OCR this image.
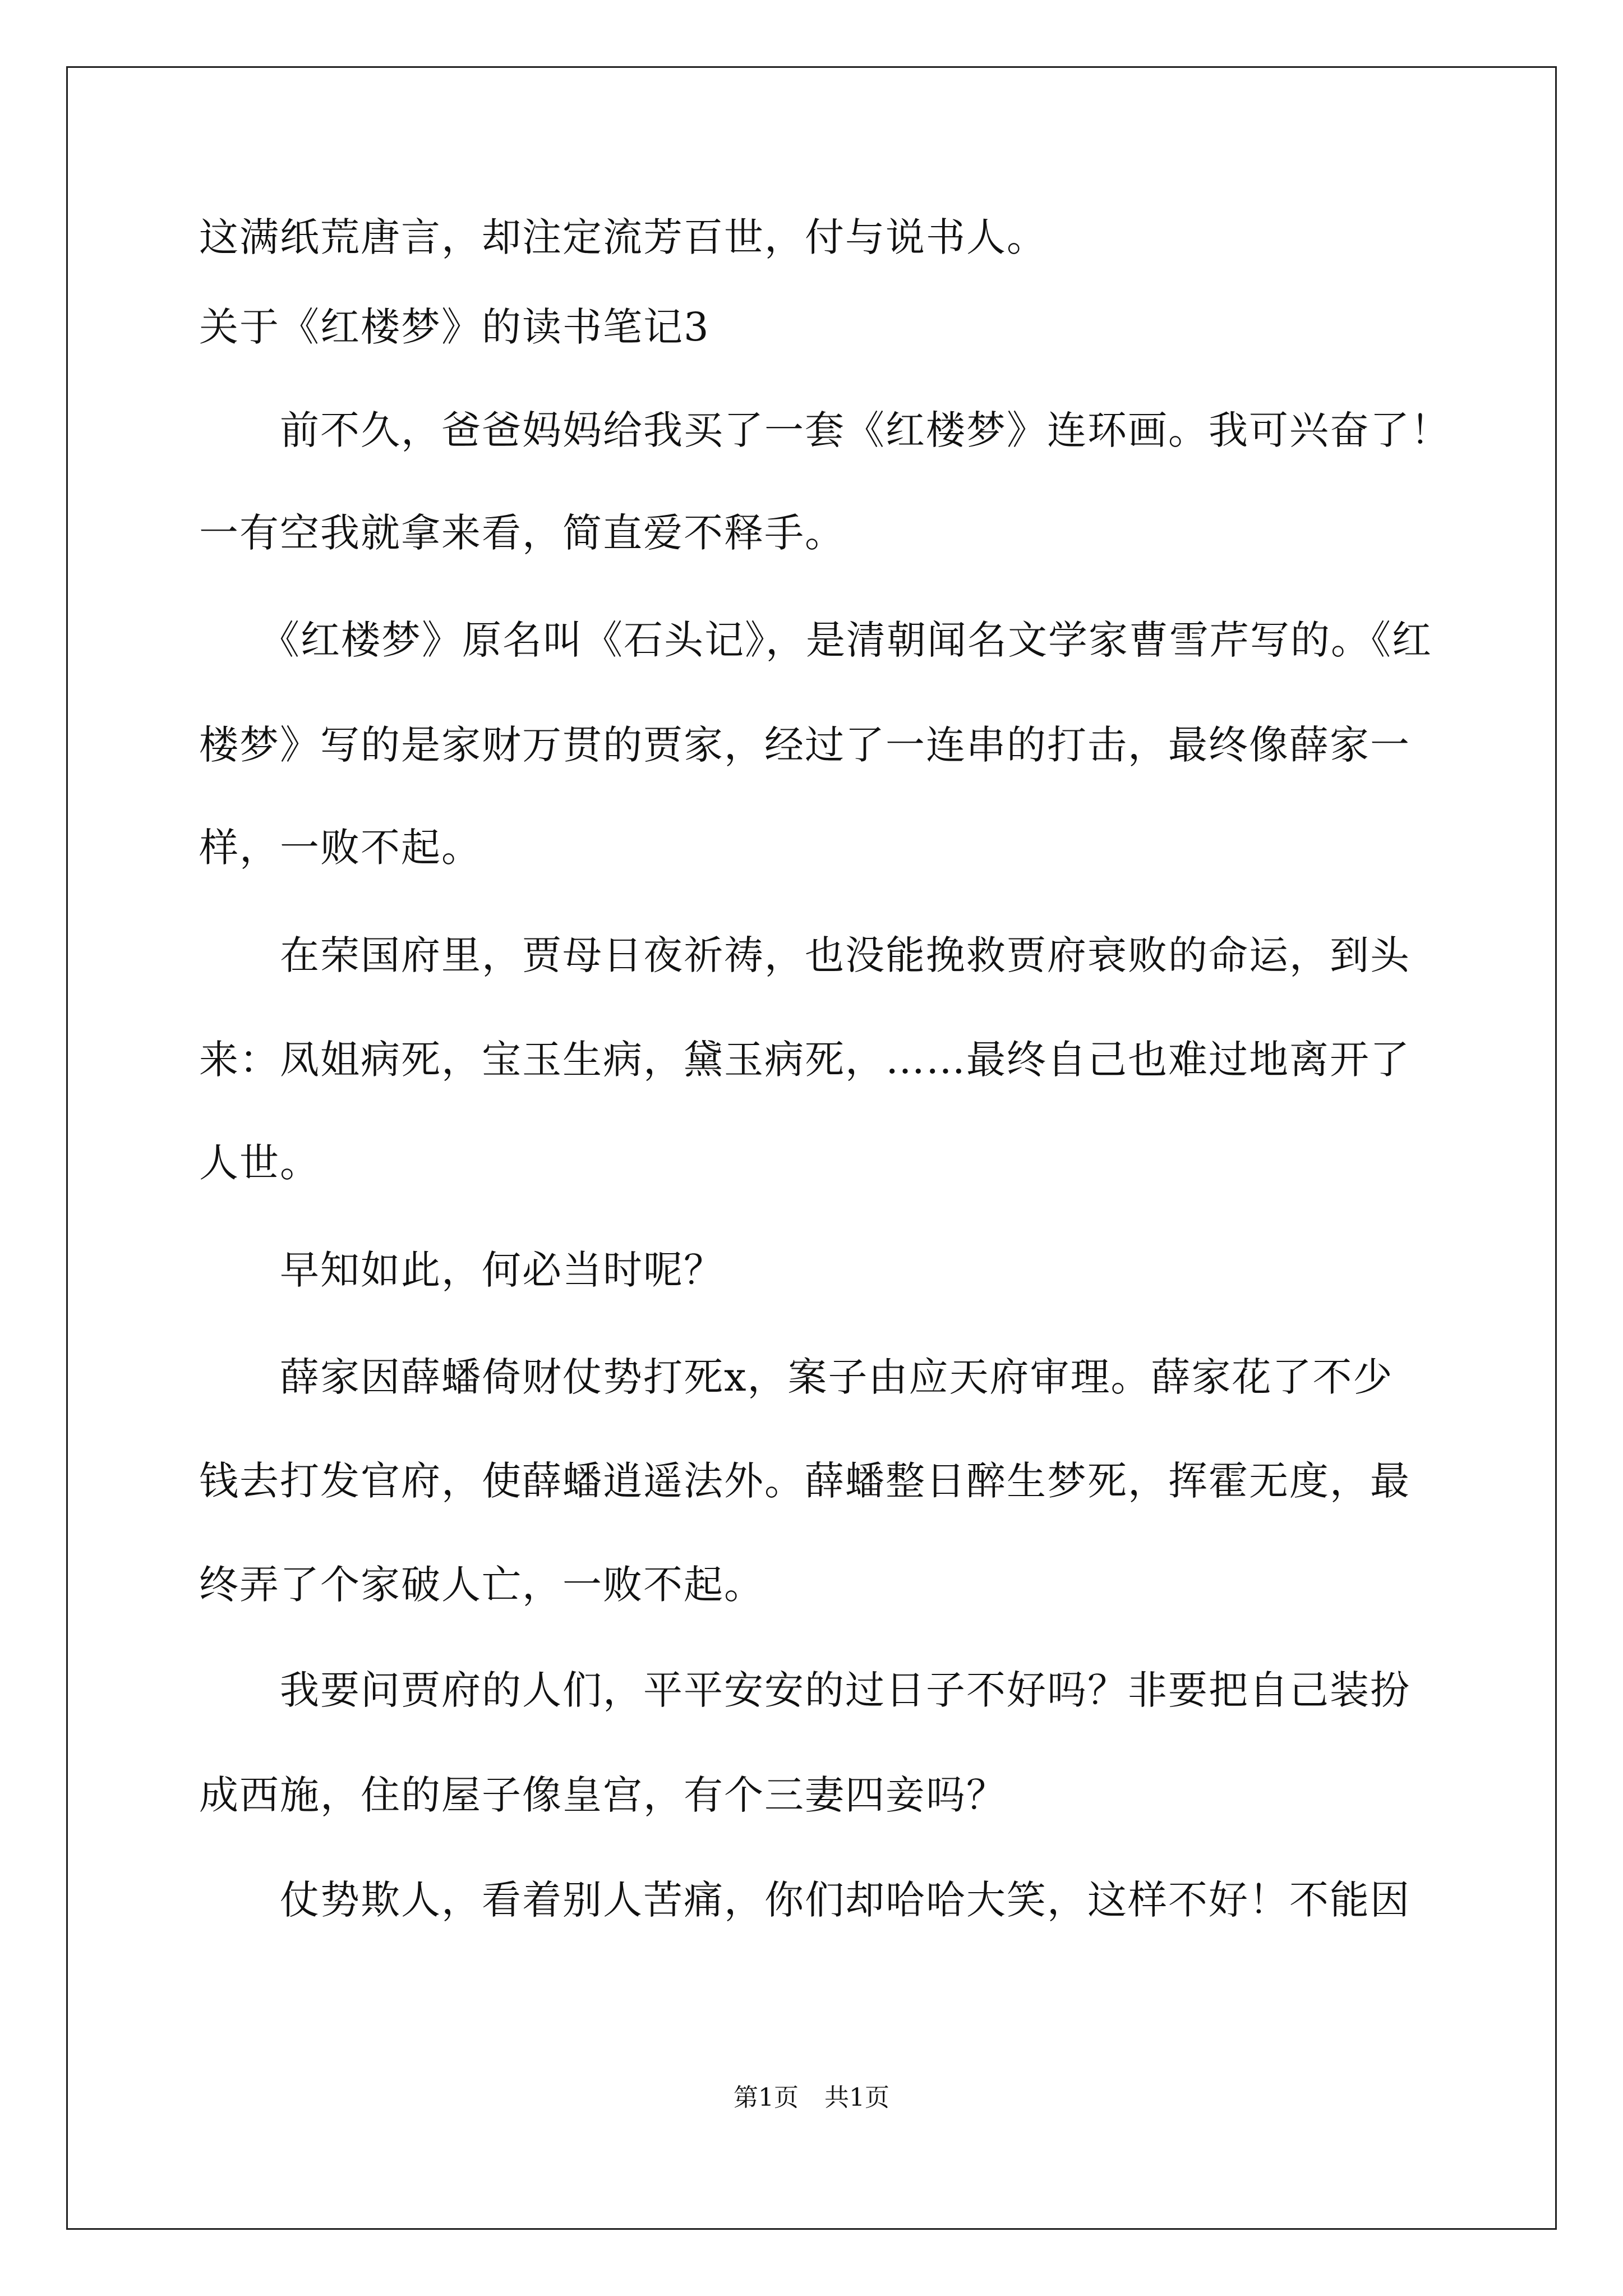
这满纸荒唐言，却注定流芳百世，付与说书人。
关于《红楼梦》的读书笔记3
　　前不久，爸爸妈妈给我买了一套《红楼梦》连环画。我可兴奋了！
一有空我就拿来看，简直爱不释手。
　　《红楼梦》原名叫《石头记》，是清朝闻名文学家曹雪芹写的。《红
楼梦》写的是家财万贯的贾家，经过了一连串的打击，最终像薛家一
样，一败不起。
　　在荣国府里，贾母日夜祈祷，也没能挽救贾府衰败的命运，到头
来：凤姐病死，宝玉生病，黛玉病死，……最终自己也难过地离开了
人世。
　　早知如此，何必当时呢？
　　薛家因薛蟠倚财仗势打死x，案子由应天府审理。薛家花了不少
钱去打发官府，使薛蟠逍遥法外。薛蟠整日醉生梦死，挥霍无度，最
终弄了个家破人亡，一败不起。
　　我要问贾府的人们，平平安安的过日子不好吗？非要把自己装扮
成西施，住的屋子像皇宫，有个三妻四妾吗？
　　仗势欺人，看着别人苦痛，你们却哈哈大笑，这样不好！不能因
第1页 共1页
